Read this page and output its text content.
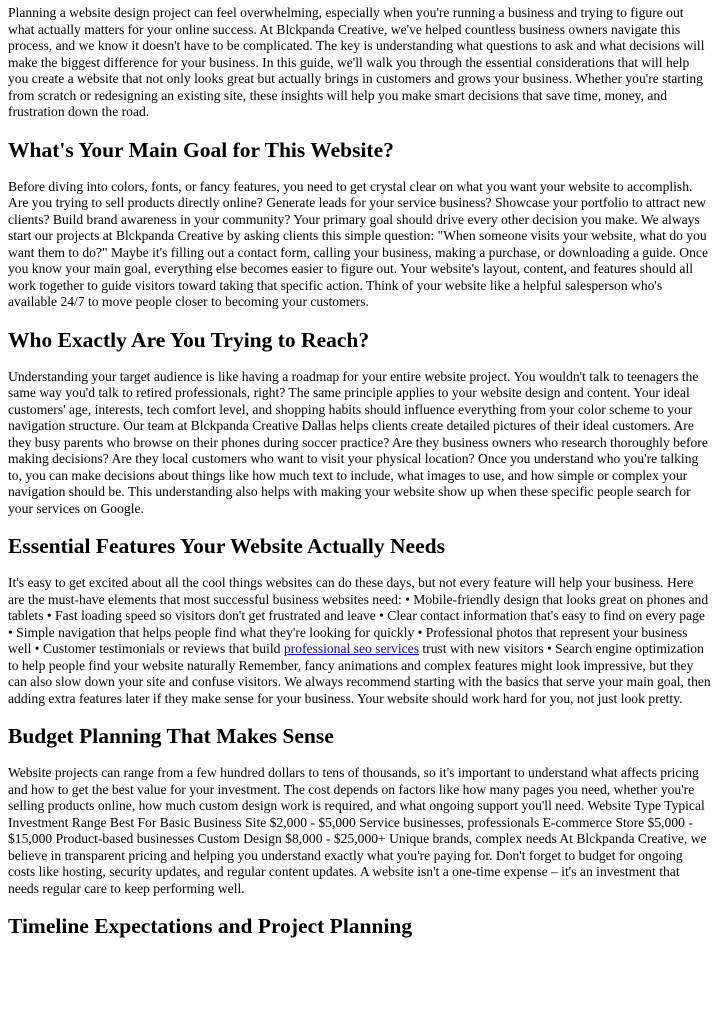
Planning a website design project can feel overwhelming, especially when you're running a business and trying to figure out what actually matters for your online success. At Blckpanda Creative, we've helped countless business owners navigate this process, and we know it doesn't have to be complicated. The key is understanding what questions to ask and what decisions will make the biggest difference for your business. In this guide, we'll walk you through the essential considerations that will help you create a website that not only looks great but actually brings in customers and grows your business. Whether you're starting from scratch or redesigning an existing site, these insights will help you make smart decisions that save time, money, and frustration down the road.

What's Your Main Goal for This Website?

Before diving into colors, fonts, or fancy features, you need to get crystal clear on what you want your website to accomplish. Are you trying to sell products directly online? Generate leads for your service business? Showcase your portfolio to attract new clients? Build brand awareness in your community? Your primary goal should drive every other decision you make. We always start our projects at Blckpanda Creative by asking clients this simple question: "When someone visits your website, what do you want them to do?" Maybe it's filling out a contact form, calling your business, making a purchase, or downloading a guide. Once you know your main goal, everything else becomes easier to figure out. Your website's layout, content, and features should all work together to guide visitors toward taking that specific action. Think of your website like a helpful salesperson who's available 24/7 to move people closer to becoming your customers.

Who Exactly Are You Trying to Reach?

Understanding your target audience is like having a roadmap for your entire website project. You wouldn't talk to teenagers the same way you'd talk to retired professionals, right? The same principle applies to your website design and content. Your ideal customers' age, interests, tech comfort level, and shopping habits should influence everything from your color scheme to your navigation structure. Our team at Blckpanda Creative Dallas helps clients create detailed pictures of their ideal customers. Are they busy parents who browse on their phones during soccer practice? Are they business owners who research thoroughly before making decisions? Are they local customers who want to visit your physical location? Once you understand who you're talking to, you can make decisions about things like how much text to include, what images to use, and how simple or complex your navigation should be. This understanding also helps with making your website show up when these specific people search for your services on Google.

Essential Features Your Website Actually Needs

It's easy to get excited about all the cool things websites can do these days, but not every feature will help your business. Here are the must-have elements that most successful business websites need: • Mobile-friendly design that looks great on phones and tablets • Fast loading speed so visitors don't get frustrated and leave • Clear contact information that's easy to find on every page • Simple navigation that helps people find what they're looking for quickly • Professional photos that represent your business well • Customer testimonials or reviews that build professional seo services trust with new visitors • Search engine optimization to help people find your website naturally Remember, fancy animations and complex features might look impressive, but they can also slow down your site and confuse visitors. We always recommend starting with the basics that serve your main goal, then adding extra features later if they make sense for your business. Your website should work hard for you, not just look pretty.

Budget Planning That Makes Sense

Website projects can range from a few hundred dollars to tens of thousands, so it's important to understand what affects pricing and how to get the best value for your investment. The cost depends on factors like how many pages you need, whether you're selling products online, how much custom design work is required, and what ongoing support you'll need. Website Type Typical Investment Range Best For Basic Business Site $2,000 - $5,000 Service businesses, professionals E-commerce Store $5,000 - $15,000 Product-based businesses Custom Design $8,000 - $25,000+ Unique brands, complex needs At Blckpanda Creative, we believe in transparent pricing and helping you understand exactly what you're paying for. Don't forget to budget for ongoing costs like hosting, security updates, and regular content updates. A website isn't a one-time expense – it's an investment that needs regular care to keep performing well.

Timeline Expectations and Project Planning
